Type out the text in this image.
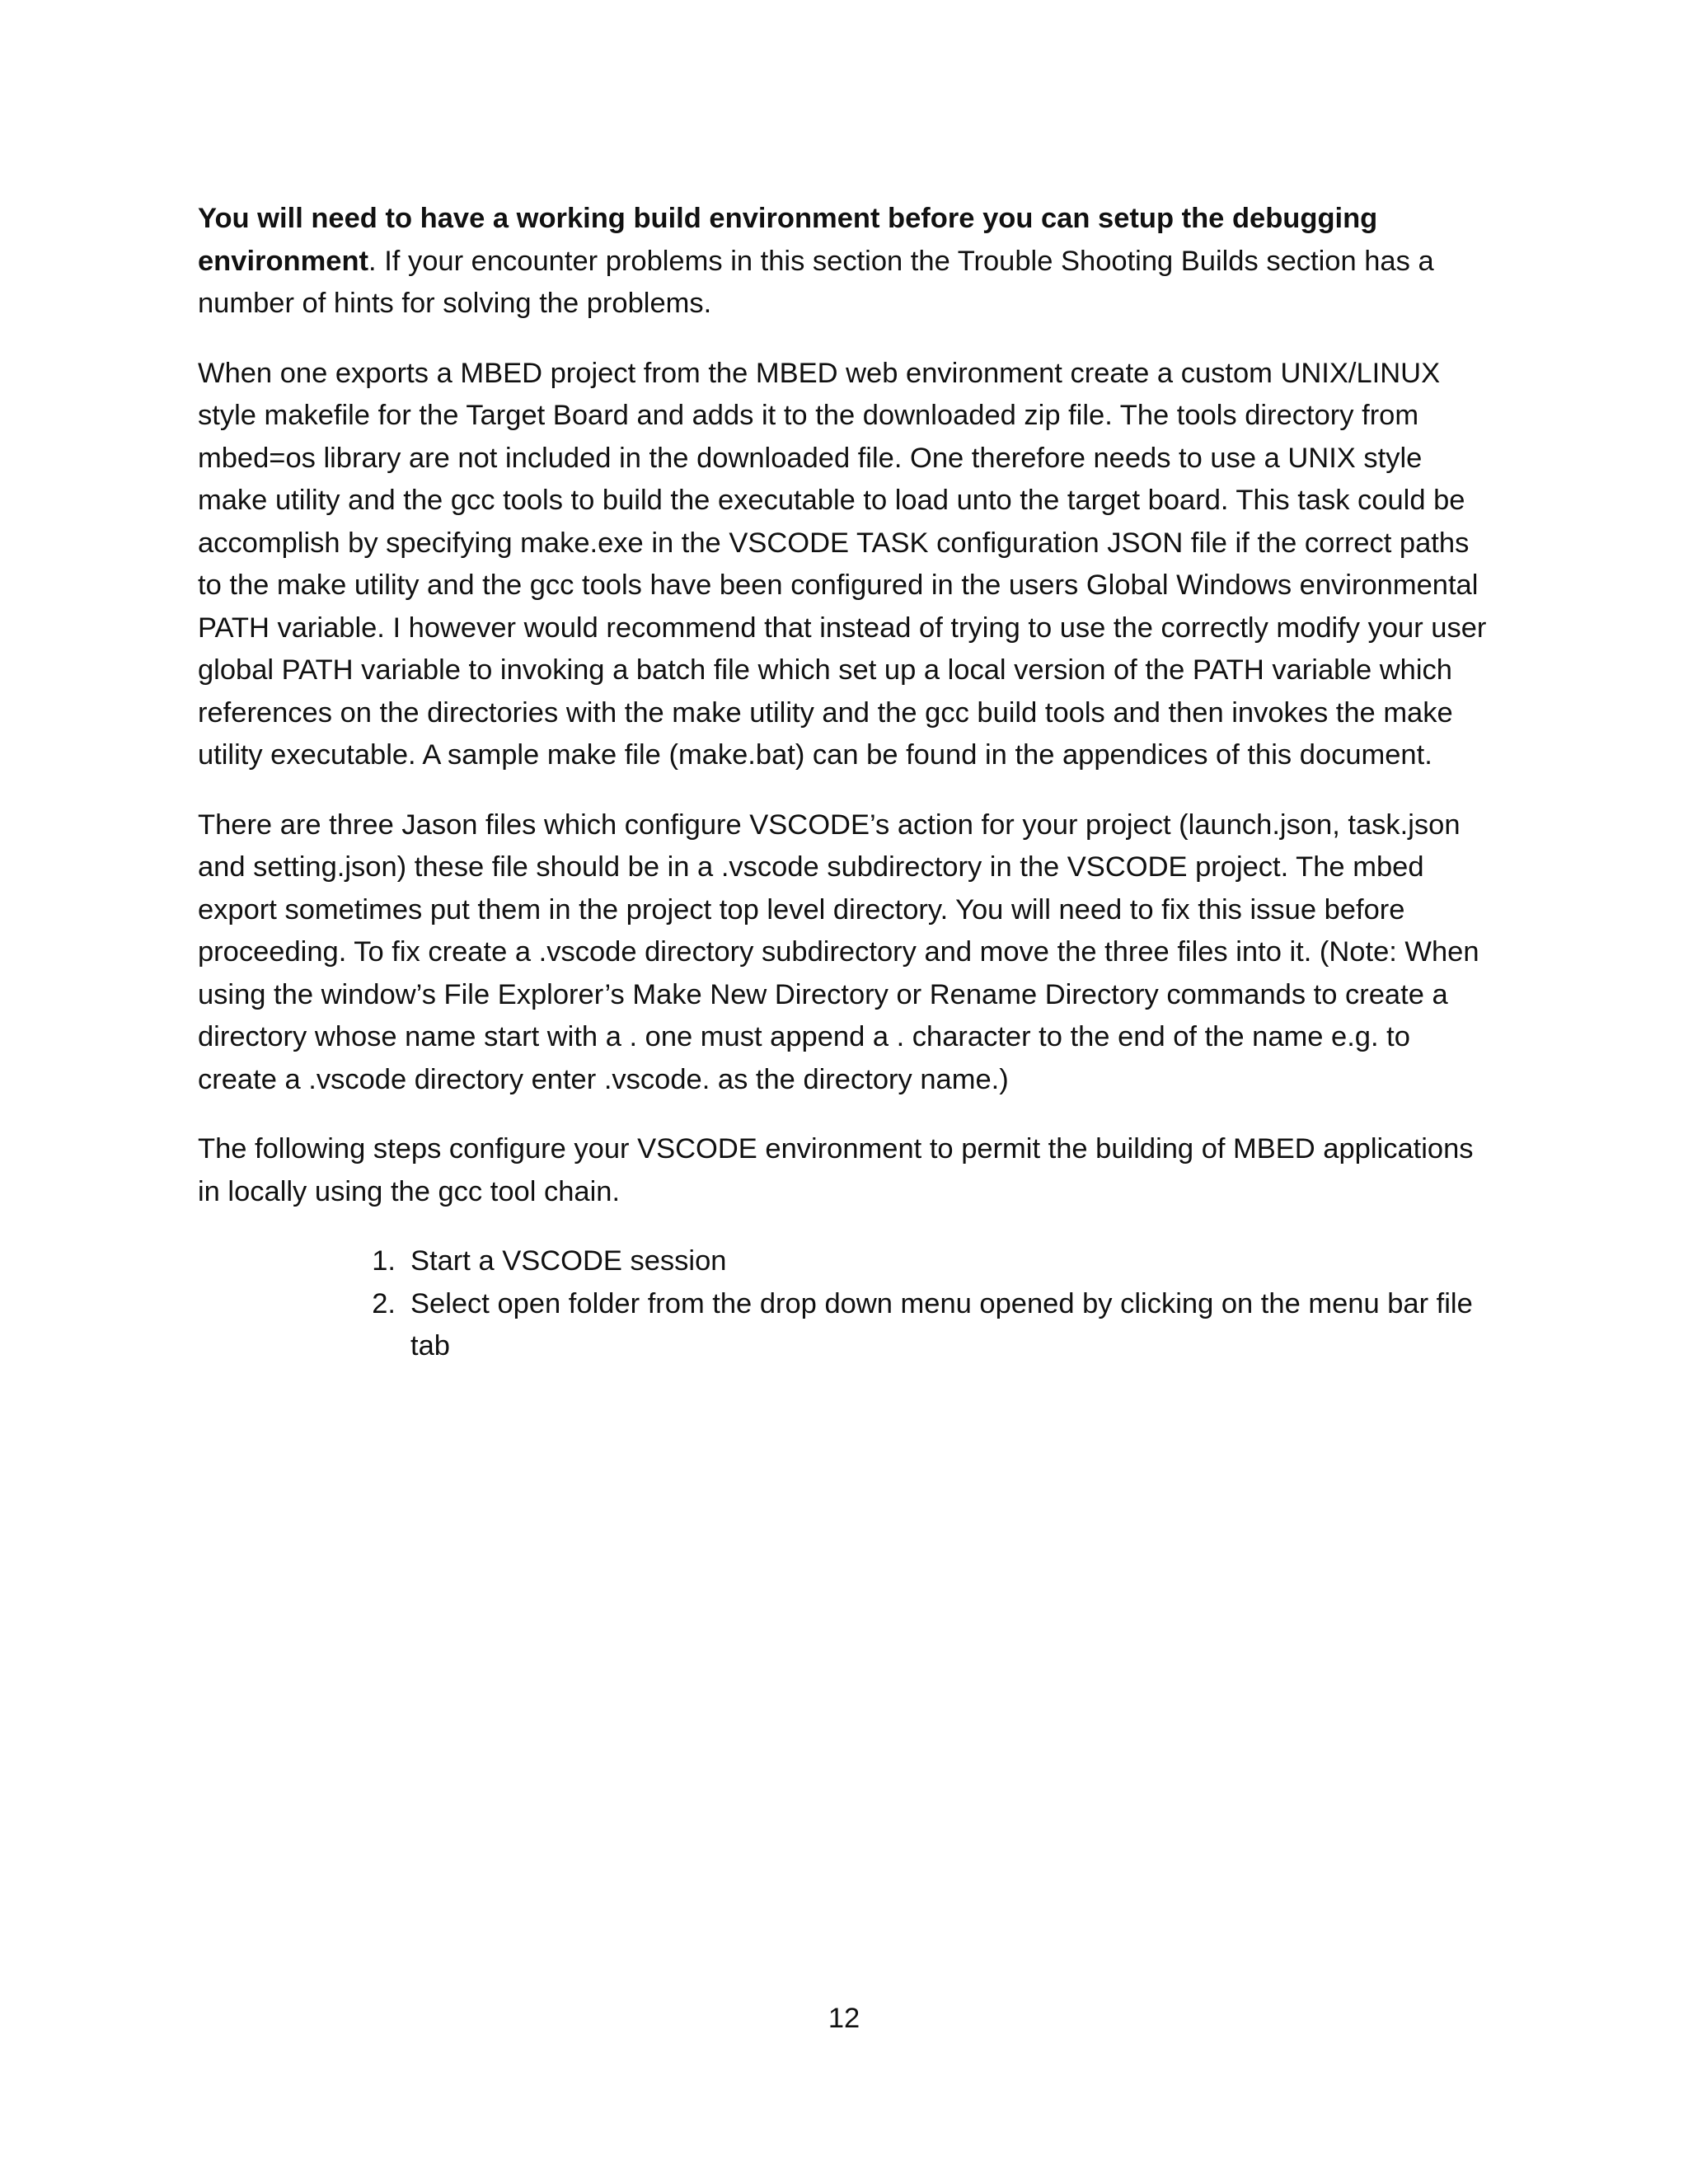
You will need to have a working build environment before you can setup the debugging environment. If your encounter problems in this section the Trouble Shooting Builds section has a number of hints for solving the problems.

When one exports a MBED project from the MBED web environment create a custom UNIX/LINUX style makefile for the Target Board and adds it to the downloaded zip file. The tools directory from mbed=os library are not included in the downloaded file. One therefore needs to use a UNIX style make utility and the gcc tools to build the executable to load unto the target board. This task could be accomplish by specifying make.exe in the VSCODE TASK configuration JSON file if the correct paths to the make utility and the gcc tools have been configured in the users Global Windows environmental PATH variable. I however would recommend that instead of trying to use the correctly modify your user global PATH variable to invoking a batch file which set up a local version of the PATH variable which references on the directories with the make utility and the gcc build tools and then invokes the make utility executable. A sample make file (make.bat) can be found in the appendices of this document.

There are three Jason files which configure VSCODE’s action for your project (launch.json, task.json and setting.json) these file should be in a .vscode subdirectory in the VSCODE project. The mbed export sometimes put them in the project top level directory. You will need to fix this issue before proceeding. To fix create a .vscode directory subdirectory and move the three files into it. (Note: When using the window’s File Explorer’s Make New Directory or Rename Directory commands to create a directory whose name start with a . one must append a . character to the end of the name e.g. to create a .vscode directory enter .vscode. as the directory name.)

The following steps configure your VSCODE environment to permit the building of MBED applications in locally using the gcc tool chain.

1. Start a VSCODE session
2. Select open folder from the drop down menu opened by clicking on the menu bar file tab
12
